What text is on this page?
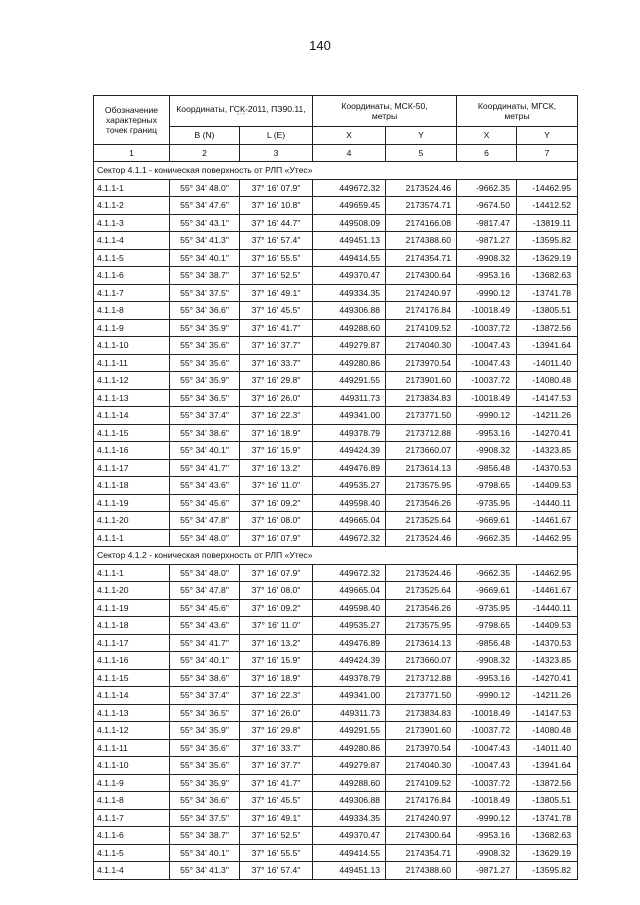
140
Обозначение
характерных
точек границ	Координаты, ГСК-2011, ПЗ90.11,
° ′ ″		Координаты, МСК-50,
метры		Координаты, МГСК,
метры	

	B (N)	L (E)	X	Y	X	Y
1	2	3	4	5	6	7
Сектор 4.1.1 - коническая поверхность от РЛП «Утес»						
4.1.1-1	55° 34' 48.0"	37° 16' 07.9"	449672.32	2173524.46	-9662.35	-14462.95
4.1.1-2	55° 34' 47.6"	37° 16' 10.8"	449659.45	2173574.71	-9674.50	-14412.52
4.1.1-3	55° 34' 43.1"	37° 16' 44.7"	449508.09	2174166.08	-9817.47	-13819.11
4.1.1-4	55° 34' 41.3"	37° 16' 57.4"	449451.13	2174388.60	-9871.27	-13595.82
4.1.1-5	55° 34' 40.1"	37° 16' 55.5"	449414.55	2174354.71	-9908.32	-13629.19
4.1.1-6	55° 34' 38.7"	37° 16' 52.5"	449370.47	2174300.64	-9953.16	-13682.63
4.1.1-7	55° 34' 37.5"	37° 16' 49.1"	449334.35	2174240.97	-9990.12	-13741.78
4.1.1-8	55° 34' 36.6"	37° 16' 45.5"	449306.88	2174176.84	-10018.49	-13805.51
4.1.1-9	55° 34' 35.9"	37° 16' 41.7"	449288.60	2174109.52	-10037.72	-13872.56
4.1.1-10	55° 34' 35.6"	37° 16' 37.7"	449279.87	2174040.30	-10047.43	-13941.64
4.1.1-11	55° 34' 35.6"	37° 16' 33.7"	449280.86	2173970.54	-10047.43	-14011.40
4.1.1-12	55° 34' 35.9"	37° 16' 29.8"	449291.55	2173901.60	-10037.72	-14080.48
4.1.1-13	55° 34' 36.5"	37° 16' 26.0"	449311.73	2173834.83	-10018.49	-14147.53
4.1.1-14	55° 34' 37.4"	37° 16' 22.3"	449341.00	2173771.50	-9990.12	-14211.26
4.1.1-15	55° 34' 38.6"	37° 16' 18.9"	449378.79	2173712.88	-9953.16	-14270.41
4.1.1-16	55° 34' 40.1"	37° 16' 15.9"	449424.39	2173660.07	-9908.32	-14323.85
4.1.1-17	55° 34' 41.7"	37° 16' 13.2"	449476.89	2173614.13	-9856.48	-14370.53
4.1.1-18	55° 34' 43.6"	37° 16' 11.0"	449535.27	2173575.95	-9798.65	-14409.53
4.1.1-19	55° 34' 45.6"	37° 16' 09.2"	449598.40	2173546.26	-9735.95	-14440.11
4.1.1-20	55° 34' 47.8"	37° 16' 08.0"	449665.04	2173525.64	-9669.61	-14461.67
4.1.1-1	55° 34' 48.0"	37° 16' 07.9"	449672.32	2173524.46	-9662.35	-14462.95
Сектор 4.1.2 - коническая поверхность от РЛП «Утес»						
4.1.1-1	55° 34' 48.0"	37° 16' 07.9"	449672.32	2173524.46	-9662.35	-14462.95
4.1.1-20	55° 34' 47.8"	37° 16' 08.0"	449665.04	2173525.64	-9669.61	-14461.67
4.1.1-19	55° 34' 45.6"	37° 16' 09.2"	449598.40	2173546.26	-9735.95	-14440.11
4.1.1-18	55° 34' 43.6"	37° 16' 11.0"	449535.27	2173575.95	-9798.65	-14409.53
4.1.1-17	55° 34' 41.7"	37° 16' 13.2"	449476.89	2173614.13	-9856.48	-14370.53
4.1.1-16	55° 34' 40.1"	37° 16' 15.9"	449424.39	2173660.07	-9908.32	-14323.85
4.1.1-15	55° 34' 38.6"	37° 16' 18.9"	449378.79	2173712.88	-9953.16	-14270.41
4.1.1-14	55° 34' 37.4"	37° 16' 22.3"	449341.00	2173771.50	-9990.12	-14211.26
4.1.1-13	55° 34' 36.5"	37° 16' 26.0"	449311.73	2173834.83	-10018.49	-14147.53
4.1.1-12	55° 34' 35.9"	37° 16' 29.8"	449291.55	2173901.60	-10037.72	-14080.48
4.1.1-11	55° 34' 35.6"	37° 16' 33.7"	449280.86	2173970.54	-10047.43	-14011.40
4.1.1-10	55° 34' 35.6"	37° 16' 37.7"	449279.87	2174040.30	-10047.43	-13941.64
4.1.1-9	55° 34' 35.9"	37° 16' 41.7"	449288.60	2174109.52	-10037.72	-13872.56
4.1.1-8	55° 34' 36.6"	37° 16' 45.5"	449306.88	2174176.84	-10018.49	-13805.51
4.1.1-7	55° 34' 37.5"	37° 16' 49.1"	449334.35	2174240.97	-9990.12	-13741.78
4.1.1-6	55° 34' 38.7"	37° 16' 52.5"	449370.47	2174300.64	-9953.16	-13682.63
4.1.1-5	55° 34' 40.1"	37° 16' 55.5"	449414.55	2174354.71	-9908.32	-13629.19
4.1.1-4	55° 34' 41.3"	37° 16' 57.4"	449451.13	2174388.60	-9871.27	-13595.82
